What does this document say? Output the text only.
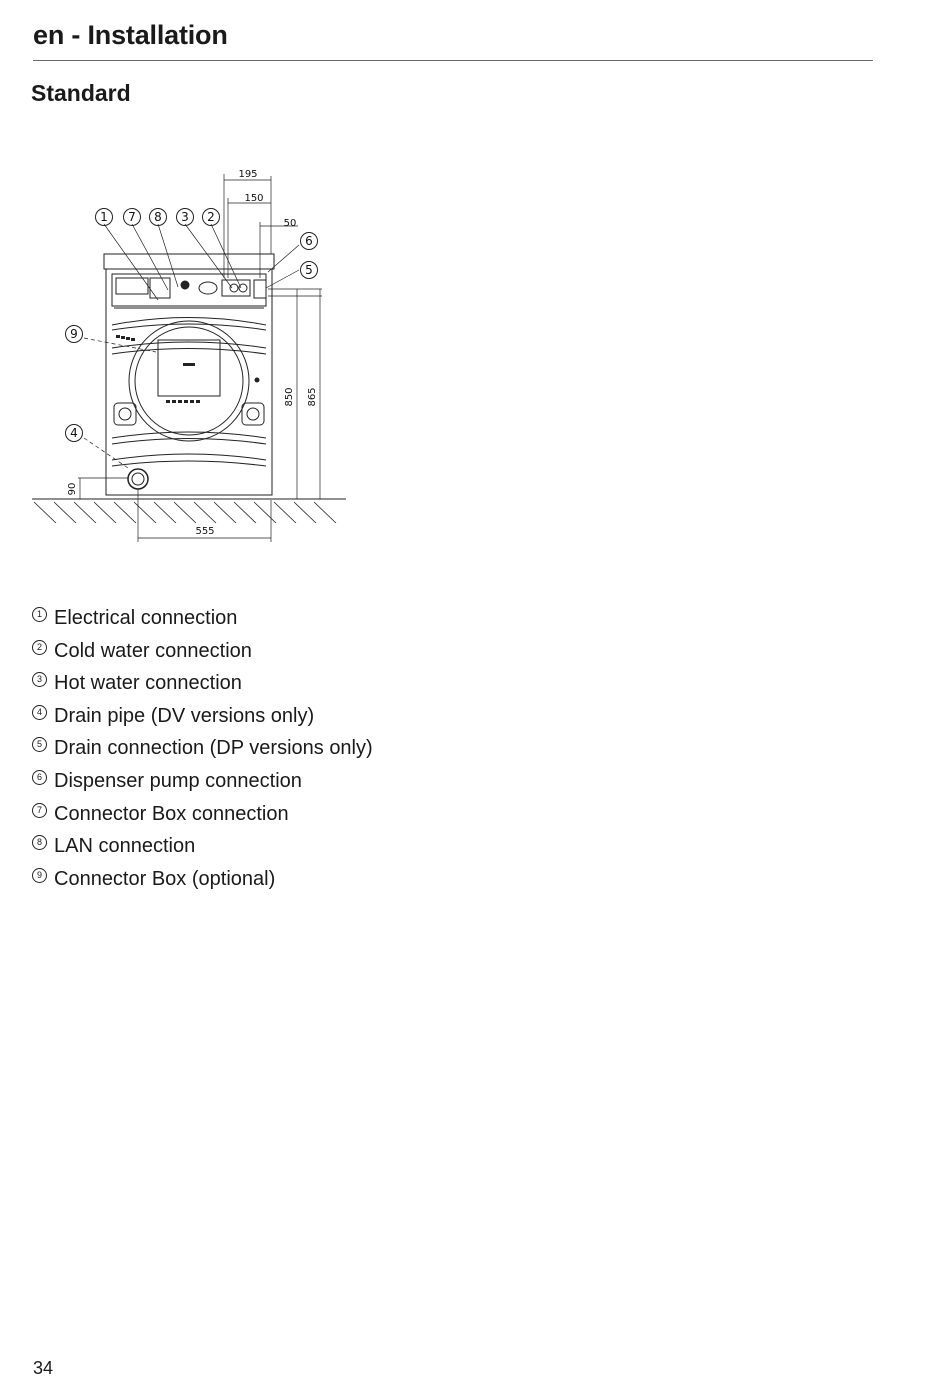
en - Installation
Standard
1 7 8 3 2
6
5
9
4
195
150
50
850 865
90
555
1 Electrical connection
2 Cold water connection
3 Hot water connection
4 Drain pipe (DV versions only)
5 Drain connection (DP versions only)
6 Dispenser pump connection
7 Connector Box connection
8 LAN connection
9 Connector Box (optional)
34
